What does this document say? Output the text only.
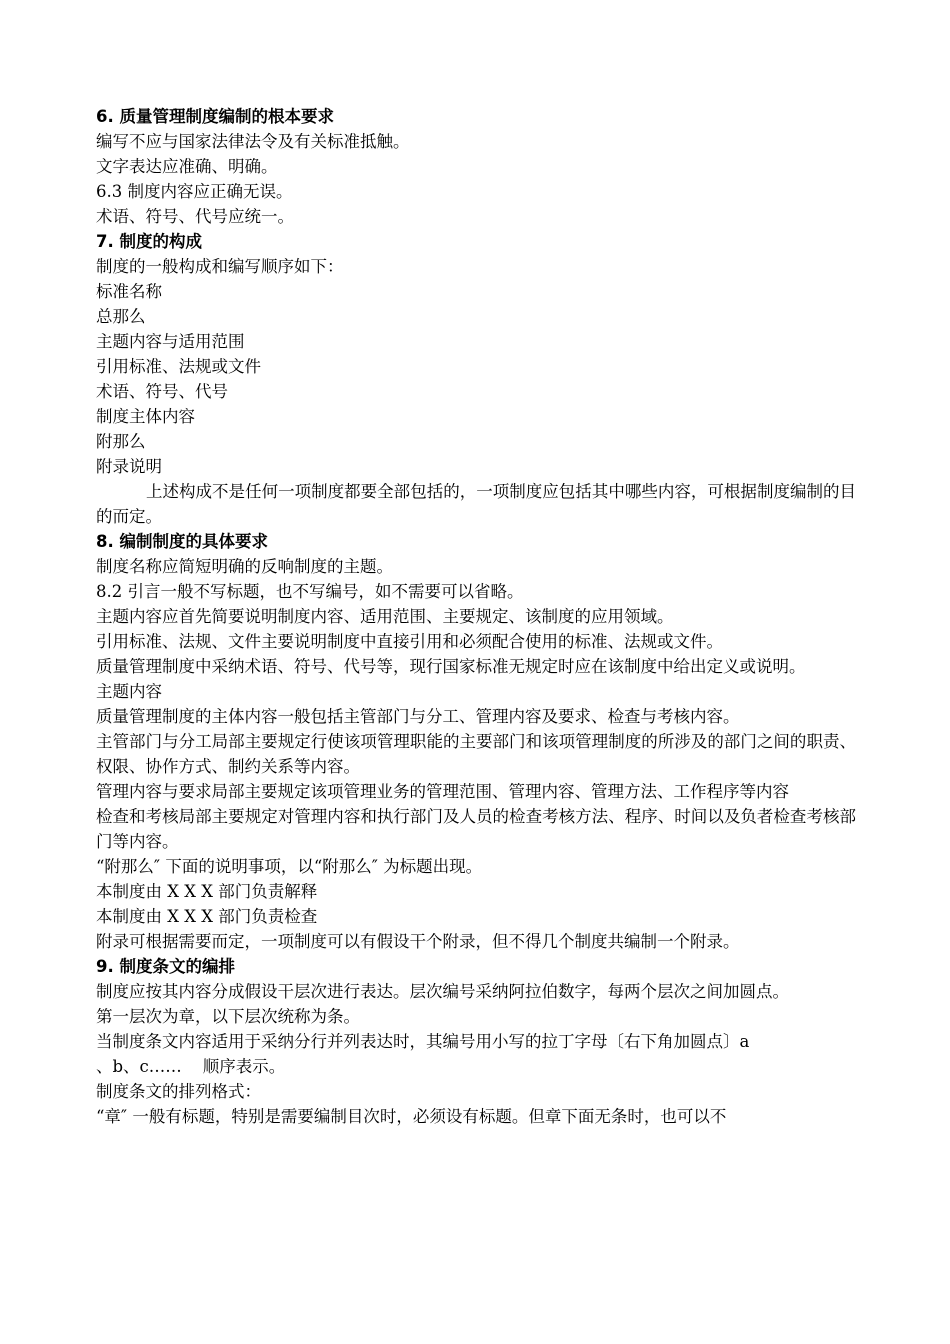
6. 质量管理制度编制的根本要求

编写不应与国家法律法令及有关标准抵触。

文字表达应准确、明确。

6.3 制度内容应正确无误。

术语、符号、代号应统一。

7. 制度的构成

制度的一般构成和编写顺序如下：

标准名称

总那么

主题内容与适用范围

引用标准、法规或文件

术语、符号、代号

制度主体内容

附那么

附录说明

上述构成不是任何一项制度都要全部包括的，一项制度应包括其中哪些内容，可根据制度编制的目的而定。

8. 编制制度的具体要求

制度名称应简短明确的反响制度的主题。

8.2 引言一般不写标题，也不写编号，如不需要可以省略。

主题内容应首先简要说明制度内容、适用范围、主要规定、该制度的应用领域。

引用标准、法规、文件主要说明制度中直接引用和必须配合使用的标准、法规或文件。

质量管理制度中采纳术语、符号、代号等，现行国家标准无规定时应在该制度中给出定义或说明。

主题内容

质量管理制度的主体内容一般包括主管部门与分工、管理内容及要求、检查与考核内容。

主管部门与分工局部主要规定行使该项管理职能的主要部门和该项管理制度的所涉及的部门之间的职责、权限、协作方式、制约关系等内容。

管理内容与要求局部主要规定该项管理业务的管理范围、管理内容、管理方法、工作程序等内容

检查和考核局部主要规定对管理内容和执行部门及人员的检查考核方法、程序、时间以及负者检查考核部门等内容。

“附那么″ 下面的说明事项，以“附那么″ 为标题出现。

本制度由 X X X 部门负责解释

本制度由 X X X 部门负责检查

附录可根据需要而定，一项制度可以有假设干个附录，但不得几个制度共编制一个附录。

9. 制度条文的编排

制度应按其内容分成假设干层次进行表达。层次编号采纳阿拉伯数字，每两个层次之间加圆点。

第一层次为章，以下层次统称为条。

当制度条文内容适用于采纳分行并列表达时，其编号用小写的拉丁字母〔右下角加圆点〕a

、b、c……    顺序表示。

制度条文的排列格式：

“章″ 一般有标题，特别是需要编制目次时，必须设有标题。但章下面无条时，也可以不
